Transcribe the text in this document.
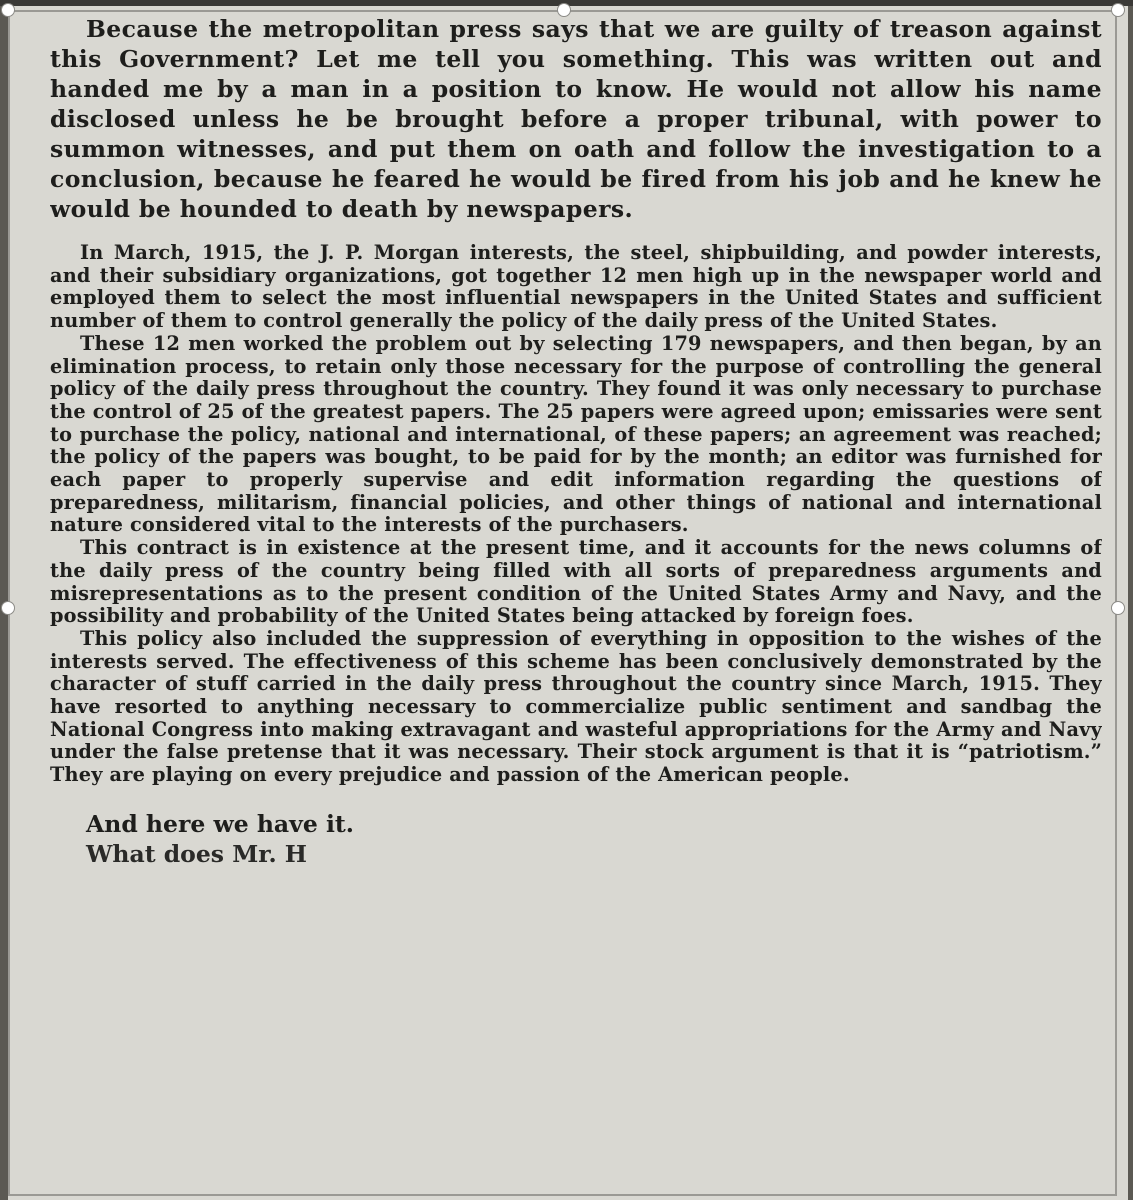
Because the metropolitan press says that we are guilty of treason against this Government? Let me tell you something. This was written out and handed me by a man in a position to know. He would not allow his name disclosed unless he be brought before a proper tribunal, with power to summon witnesses, and put them on oath and follow the investigation to a conclusion, because he feared he would be fired from his job and he knew he would be hounded to death by newspapers.

In March, 1915, the J. P. Morgan interests, the steel, shipbuilding, and powder interests, and their subsidiary organizations, got together 12 men high up in the newspaper world and employed them to select the most influential newspapers in the United States and sufficient number of them to control generally the policy of the daily press of the United States.

These 12 men worked the problem out by selecting 179 newspapers, and then began, by an elimination process, to retain only those necessary for the purpose of controlling the general policy of the daily press throughout the country. They found it was only necessary to purchase the control of 25 of the greatest papers. The 25 papers were agreed upon; emissaries were sent to purchase the policy, national and international, of these papers; an agreement was reached; the policy of the papers was bought, to be paid for by the month; an editor was furnished for each paper to properly supervise and edit information regarding the questions of preparedness, militarism, financial policies, and other things of national and international nature considered vital to the interests of the purchasers.

This contract is in existence at the present time, and it accounts for the news columns of the daily press of the country being filled with all sorts of preparedness arguments and misrepresentations as to the present condition of the United States Army and Navy, and the possibility and probability of the United States being attacked by foreign foes.

This policy also included the suppression of everything in opposition to the wishes of the interests served. The effectiveness of this scheme has been conclusively demonstrated by the character of stuff carried in the daily press throughout the country since March, 1915. They have resorted to anything necessary to commercialize public sentiment and sandbag the National Congress into making extravagant and wasteful appropriations for the Army and Navy under the false pretense that it was necessary. Their stock argument is that it is “patriotism.” They are playing on every prejudice and passion of the American people.

And here we have it.

What does Mr. H
